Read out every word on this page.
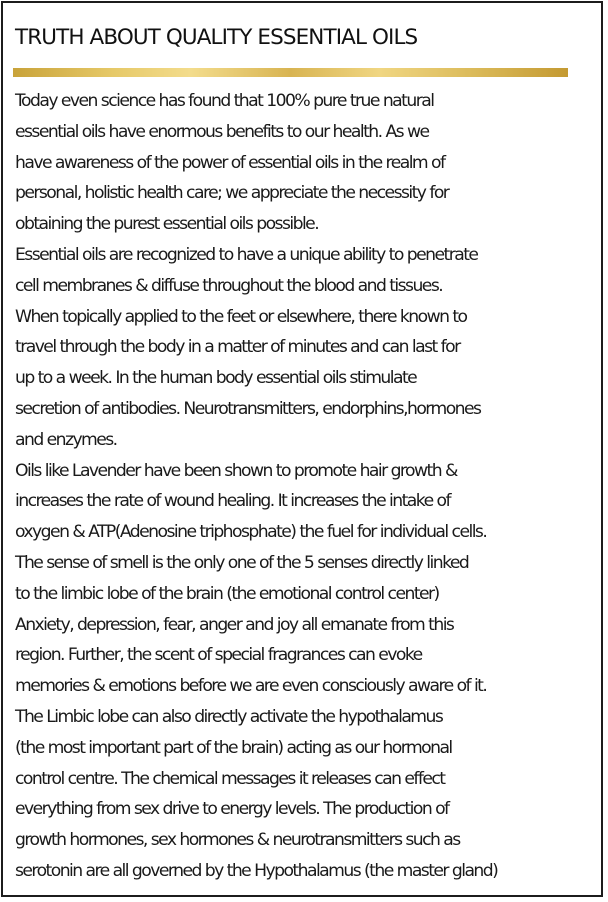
TRUTH ABOUT QUALITY ESSENTIAL OILS
Today even science has found that 100% pure true natural
essential oils have enormous benefits to our health. As we
have awareness of the power of essential oils in the realm of
personal, holistic health care; we appreciate the necessity for
obtaining the purest essential oils possible.
Essential oils are recognized to have a unique ability to penetrate
cell membranes & diffuse throughout the blood and tissues.
When topically applied to the feet or elsewhere, there known to
travel through the body in a matter of minutes and can last for
up to a week. In the human body essential oils stimulate
secretion of antibodies. Neurotransmitters, endorphins,hormones
and enzymes.
Oils like Lavender have been shown to promote hair growth &
increases the rate of wound healing. It increases the intake of
oxygen & ATP(Adenosine triphosphate) the fuel for individual cells.
The sense of smell is the only one of the 5 senses directly linked
to the limbic lobe of the brain (the emotional control center)
Anxiety, depression, fear, anger and joy all emanate from this
region. Further, the scent of special fragrances can evoke
memories & emotions before we are even consciously aware of it.
The Limbic lobe can also directly activate the hypothalamus
(the most important part of the brain) acting as our hormonal
control centre. The chemical messages it releases can effect
everything from sex drive to energy levels. The production of
growth hormones, sex hormones & neurotransmitters such as
serotonin are all governed by the Hypothalamus (the master gland)
